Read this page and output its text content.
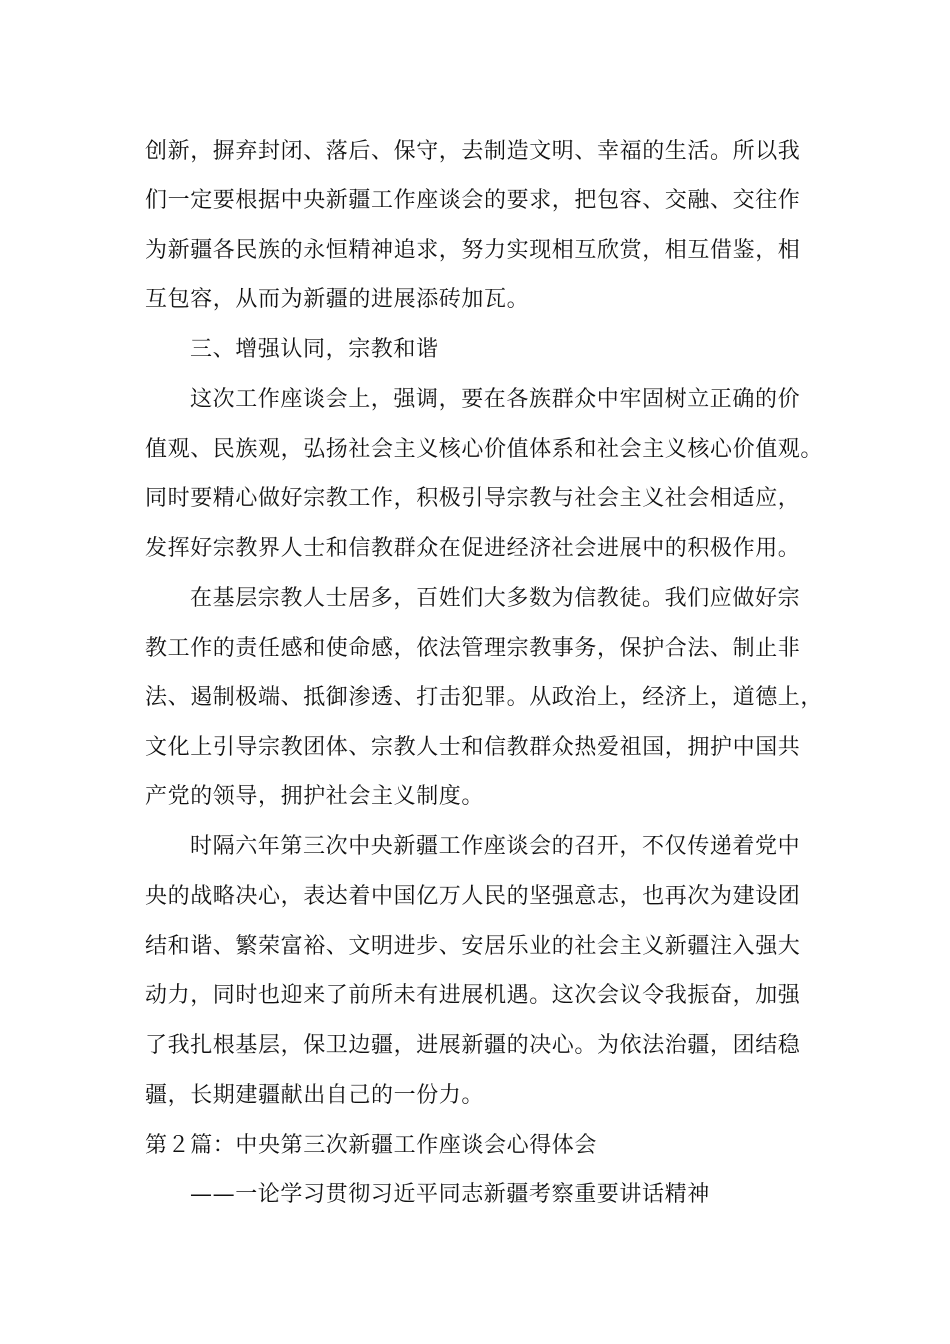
创新，摒弃封闭、落后、保守，去制造文明、幸福的生活。所以我
们一定要根据中央新疆工作座谈会的要求，把包容、交融、交往作
为新疆各民族的永恒精神追求，努力实现相互欣赏，相互借鉴，相
互包容，从而为新疆的进展添砖加瓦。
三、增强认同，宗教和谐
这次工作座谈会上，强调，要在各族群众中牢固树立正确的价
值观、民族观，弘扬社会主义核心价值体系和社会主义核心价值观。
同时要精心做好宗教工作，积极引导宗教与社会主义社会相适应，
发挥好宗教界人士和信教群众在促进经济社会进展中的积极作用。
在基层宗教人士居多，百姓们大多数为信教徒。我们应做好宗
教工作的责任感和使命感，依法管理宗教事务，保护合法、制止非
法、遏制极端、抵御渗透、打击犯罪。从政治上，经济上，道德上，
文化上引导宗教团体、宗教人士和信教群众热爱祖国，拥护中国共
产党的领导，拥护社会主义制度。
时隔六年第三次中央新疆工作座谈会的召开，不仅传递着党中
央的战略决心，表达着中国亿万人民的坚强意志，也再次为建设团
结和谐、繁荣富裕、文明进步、安居乐业的社会主义新疆注入强大
动力，同时也迎来了前所未有进展机遇。这次会议令我振奋，加强
了我扎根基层，保卫边疆，进展新疆的决心。为依法治疆，团结稳
疆，长期建疆献出自己的一份力。
第２篇：中央第三次新疆工作座谈会心得体会
——一论学习贯彻习近平同志新疆考察重要讲话精神
